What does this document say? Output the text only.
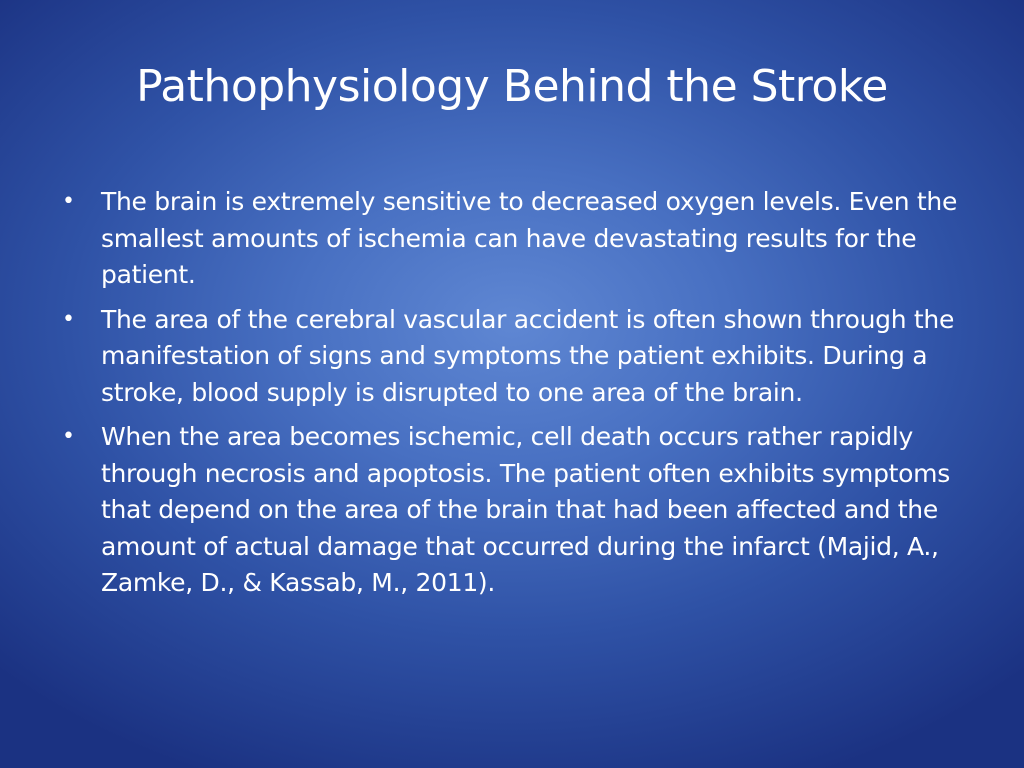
Pathophysiology Behind the Stroke
• The brain is extremely sensitive to decreased oxygen levels. Even the smallest amounts of ischemia can have devastating results for the patient.
• The area of the cerebral vascular accident is often shown through the manifestation of signs and symptoms the patient exhibits. During a stroke, blood supply is disrupted to one area of the brain.
• When the area becomes ischemic, cell death occurs rather rapidly through necrosis and apoptosis. The patient often exhibits symptoms that depend on the area of the brain that had been affected and the amount of actual damage that occurred during the infarct (Majid, A., Zamke, D., & Kassab, M., 2011).
